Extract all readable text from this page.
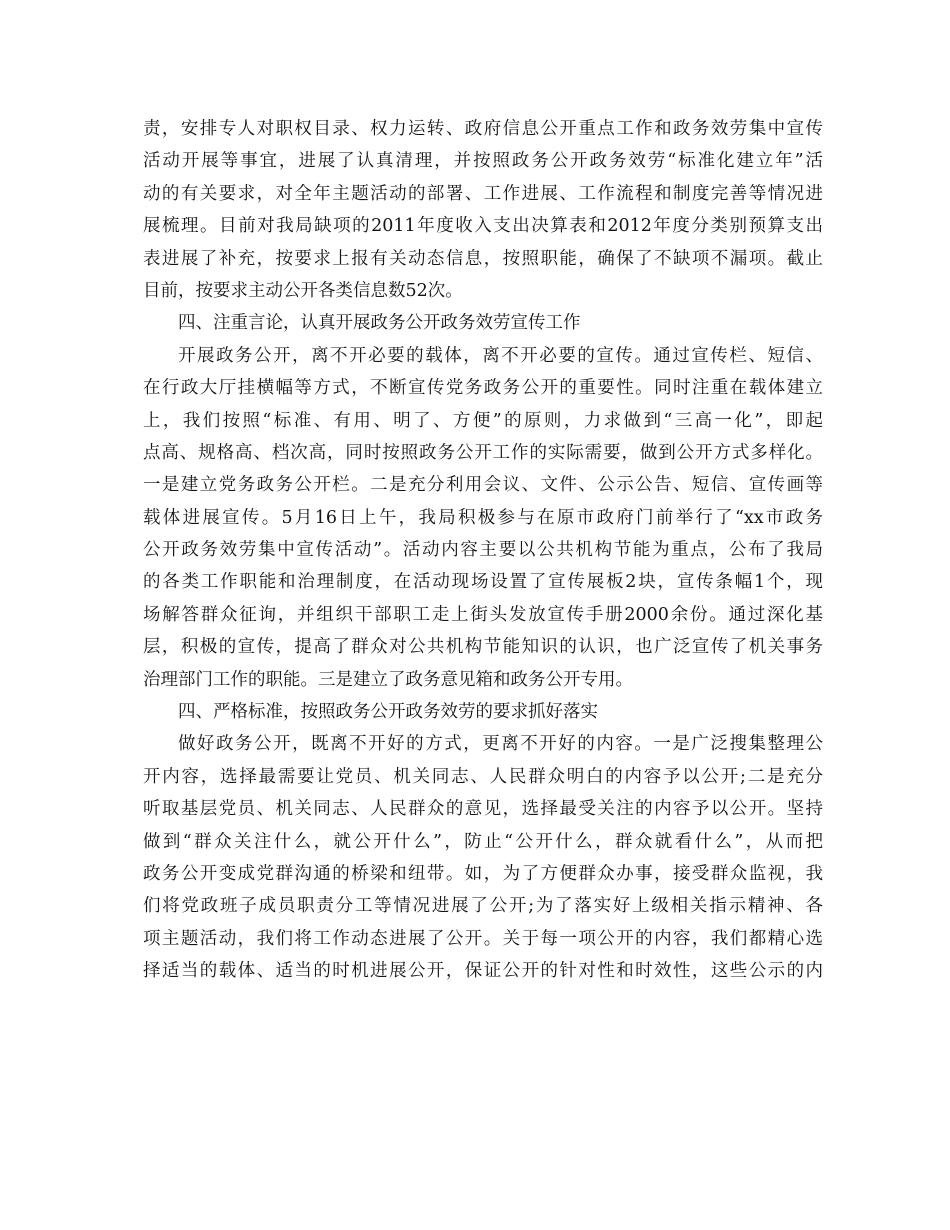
责，安排专人对职权目录、权力运转、政府信息公开重点工作和政务效劳集中宣传
活动开展等事宜，进展了认真清理，并按照政务公开政务效劳“标准化建立年”活
动的有关要求，对全年主题活动的部署、工作进展、工作流程和制度完善等情况进
展梳理。目前对我局缺项的2011年度收入支出决算表和2012年度分类别预算支出
表进展了补充，按要求上报有关动态信息，按照职能，确保了不缺项不漏项。截止
目前，按要求主动公开各类信息数52次。
四、注重言论，认真开展政务公开政务效劳宣传工作
开展政务公开，离不开必要的载体，离不开必要的宣传。通过宣传栏、短信、
在行政大厅挂横幅等方式，不断宣传党务政务公开的重要性。同时注重在载体建立
上，我们按照“标准、有用、明了、方便”的原则，力求做到“三高一化”，即起
点高、规格高、档次高，同时按照政务公开工作的实际需要，做到公开方式多样化。
一是建立党务政务公开栏。二是充分利用会议、文件、公示公告、短信、宣传画等
载体进展宣传。5月16日上午，我局积极参与在原市政府门前举行了“xx市政务
公开政务效劳集中宣传活动”。活动内容主要以公共机构节能为重点，公布了我局
的各类工作职能和治理制度，在活动现场设置了宣传展板2块，宣传条幅1个，现
场解答群众征询，并组织干部职工走上街头发放宣传手册2000余份。通过深化基
层，积极的宣传，提高了群众对公共机构节能知识的认识，也广泛宣传了机关事务
治理部门工作的职能。三是建立了政务意见箱和政务公开专用。
四、严格标准，按照政务公开政务效劳的要求抓好落实
做好政务公开，既离不开好的方式，更离不开好的内容。一是广泛搜集整理公
开内容，选择最需要让党员、机关同志、人民群众明白的内容予以公开;二是充分
听取基层党员、机关同志、人民群众的意见，选择最受关注的内容予以公开。坚持
做到“群众关注什么，就公开什么”，防止“公开什么，群众就看什么”，从而把
政务公开变成党群沟通的桥梁和纽带。如，为了方便群众办事，接受群众监视，我
们将党政班子成员职责分工等情况进展了公开;为了落实好上级相关指示精神、各
项主题活动，我们将工作动态进展了公开。关于每一项公开的内容，我们都精心选
择适当的载体、适当的时机进展公开，保证公开的针对性和时效性，这些公示的内
